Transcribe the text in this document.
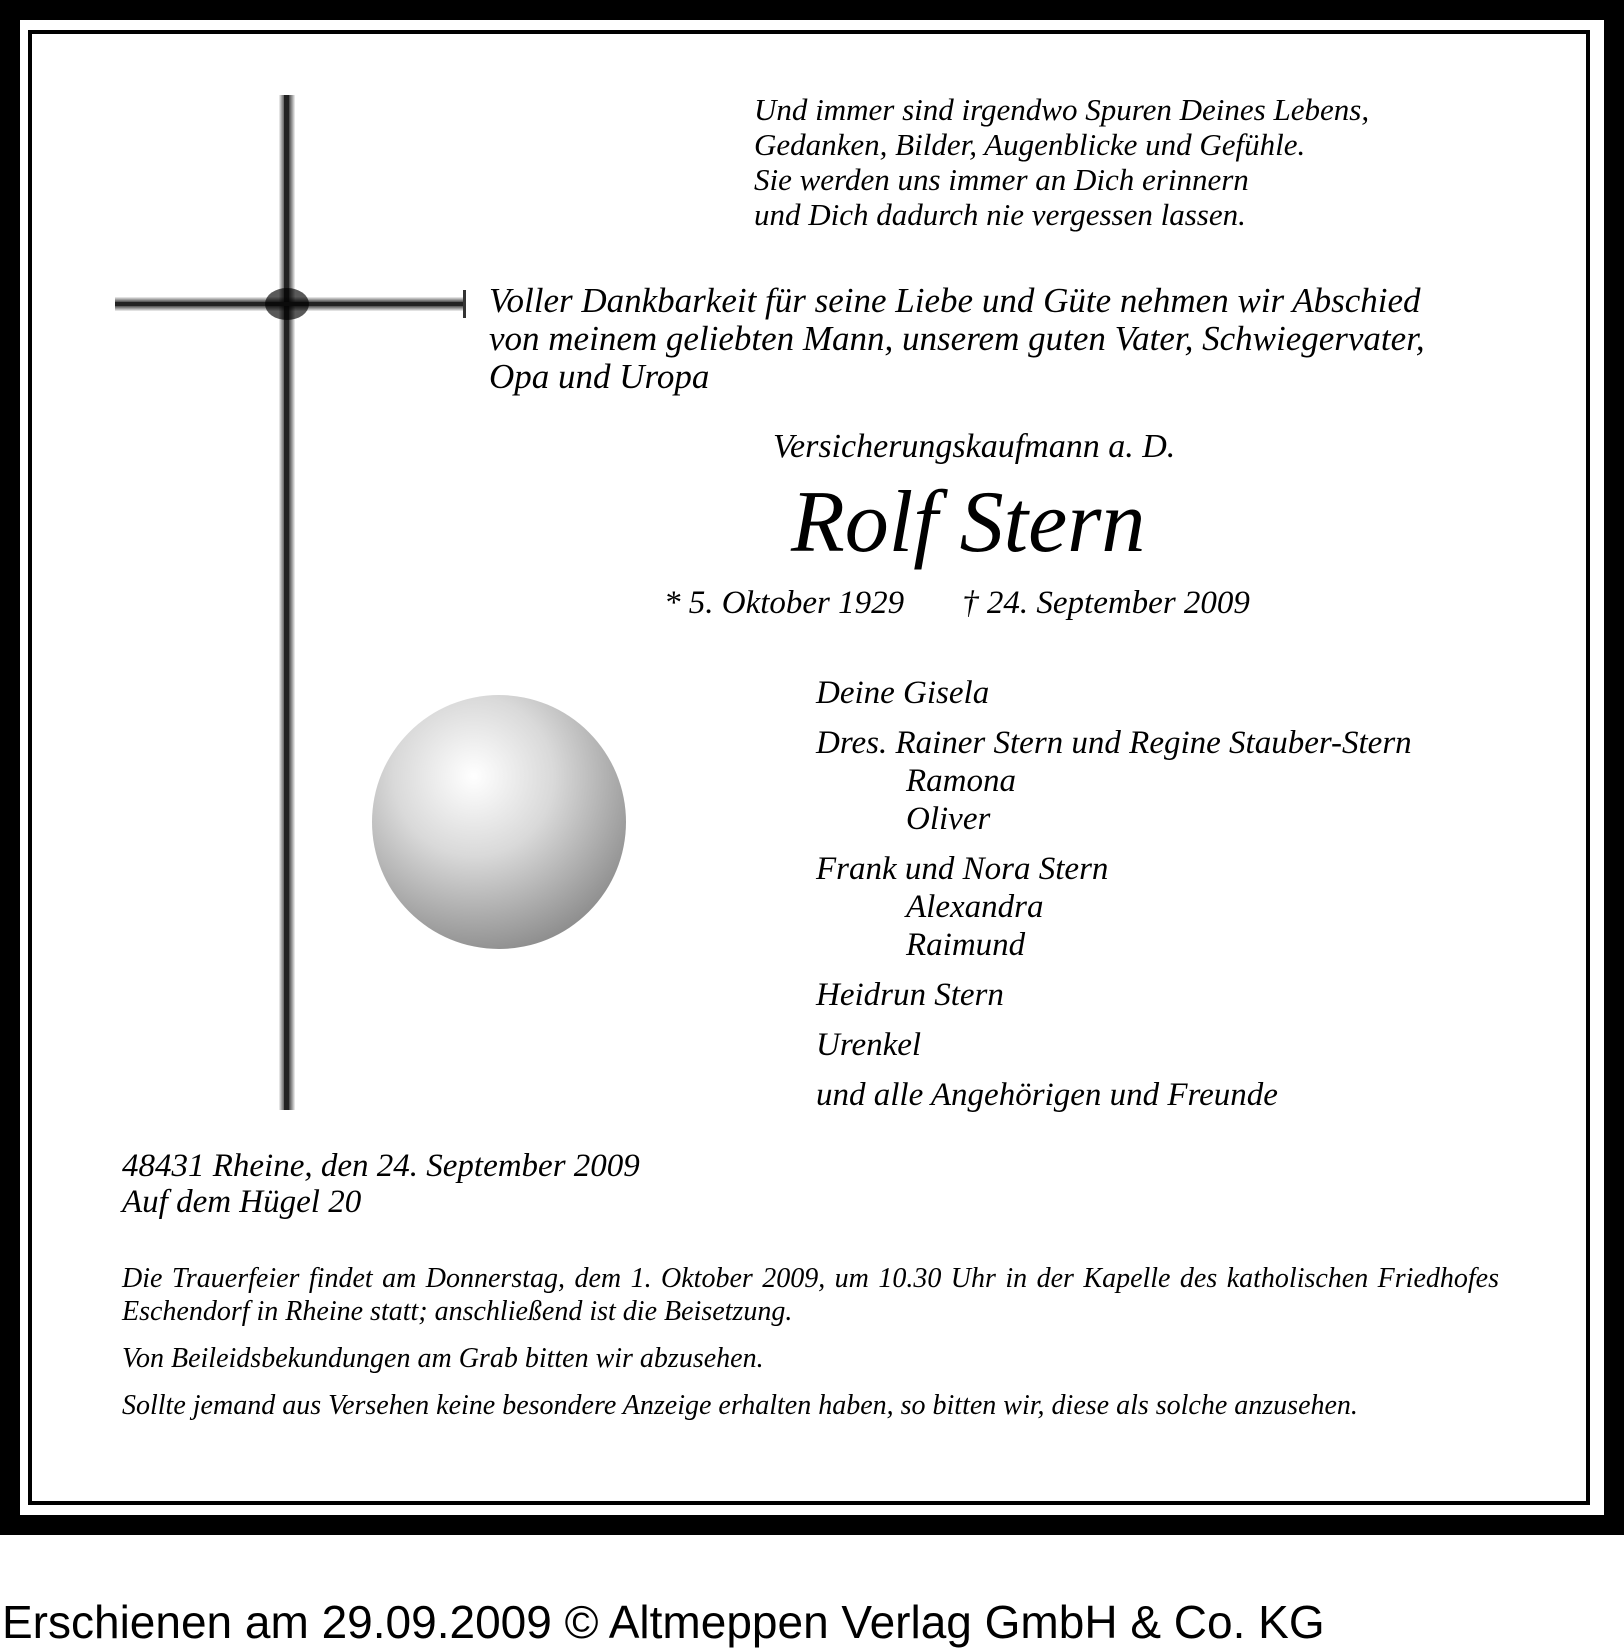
Und immer sind irgendwo Spuren Deines Lebens,
Gedanken, Bilder, Augenblicke und Gefühle.
Sie werden uns immer an Dich erinnern
und Dich dadurch nie vergessen lassen.
Voller Dankbarkeit für seine Liebe und Güte nehmen wir Abschied
von meinem geliebten Mann, unserem guten Vater, Schwiegervater,
Opa und Uropa
Versicherungskaufmann a. D.
Rolf Stern
* 5. Oktober 1929 † 24. September 2009
Deine Gisela
Dres. Rainer Stern und Regine Stauber-Stern
Ramona
Oliver
Frank und Nora Stern
Alexandra
Raimund
Heidrun Stern
Urenkel
und alle Angehörigen und Freunde
48431 Rheine, den 24. September 2009
Auf dem Hügel 20

Die Trauerfeier findet am Donnerstag, dem 1. Oktober 2009, um 10.30 Uhr in der Kapelle des katholischen Friedhofes Eschendorf in Rheine statt; anschließend ist die Beisetzung.

Von Beileidsbekundungen am Grab bitten wir abzusehen.

Sollte jemand aus Versehen keine besondere Anzeige erhalten haben, so bitten wir, diese als solche anzusehen.

Erschienen am 29.09.2009 © Altmeppen Verlag GmbH & Co. KG
